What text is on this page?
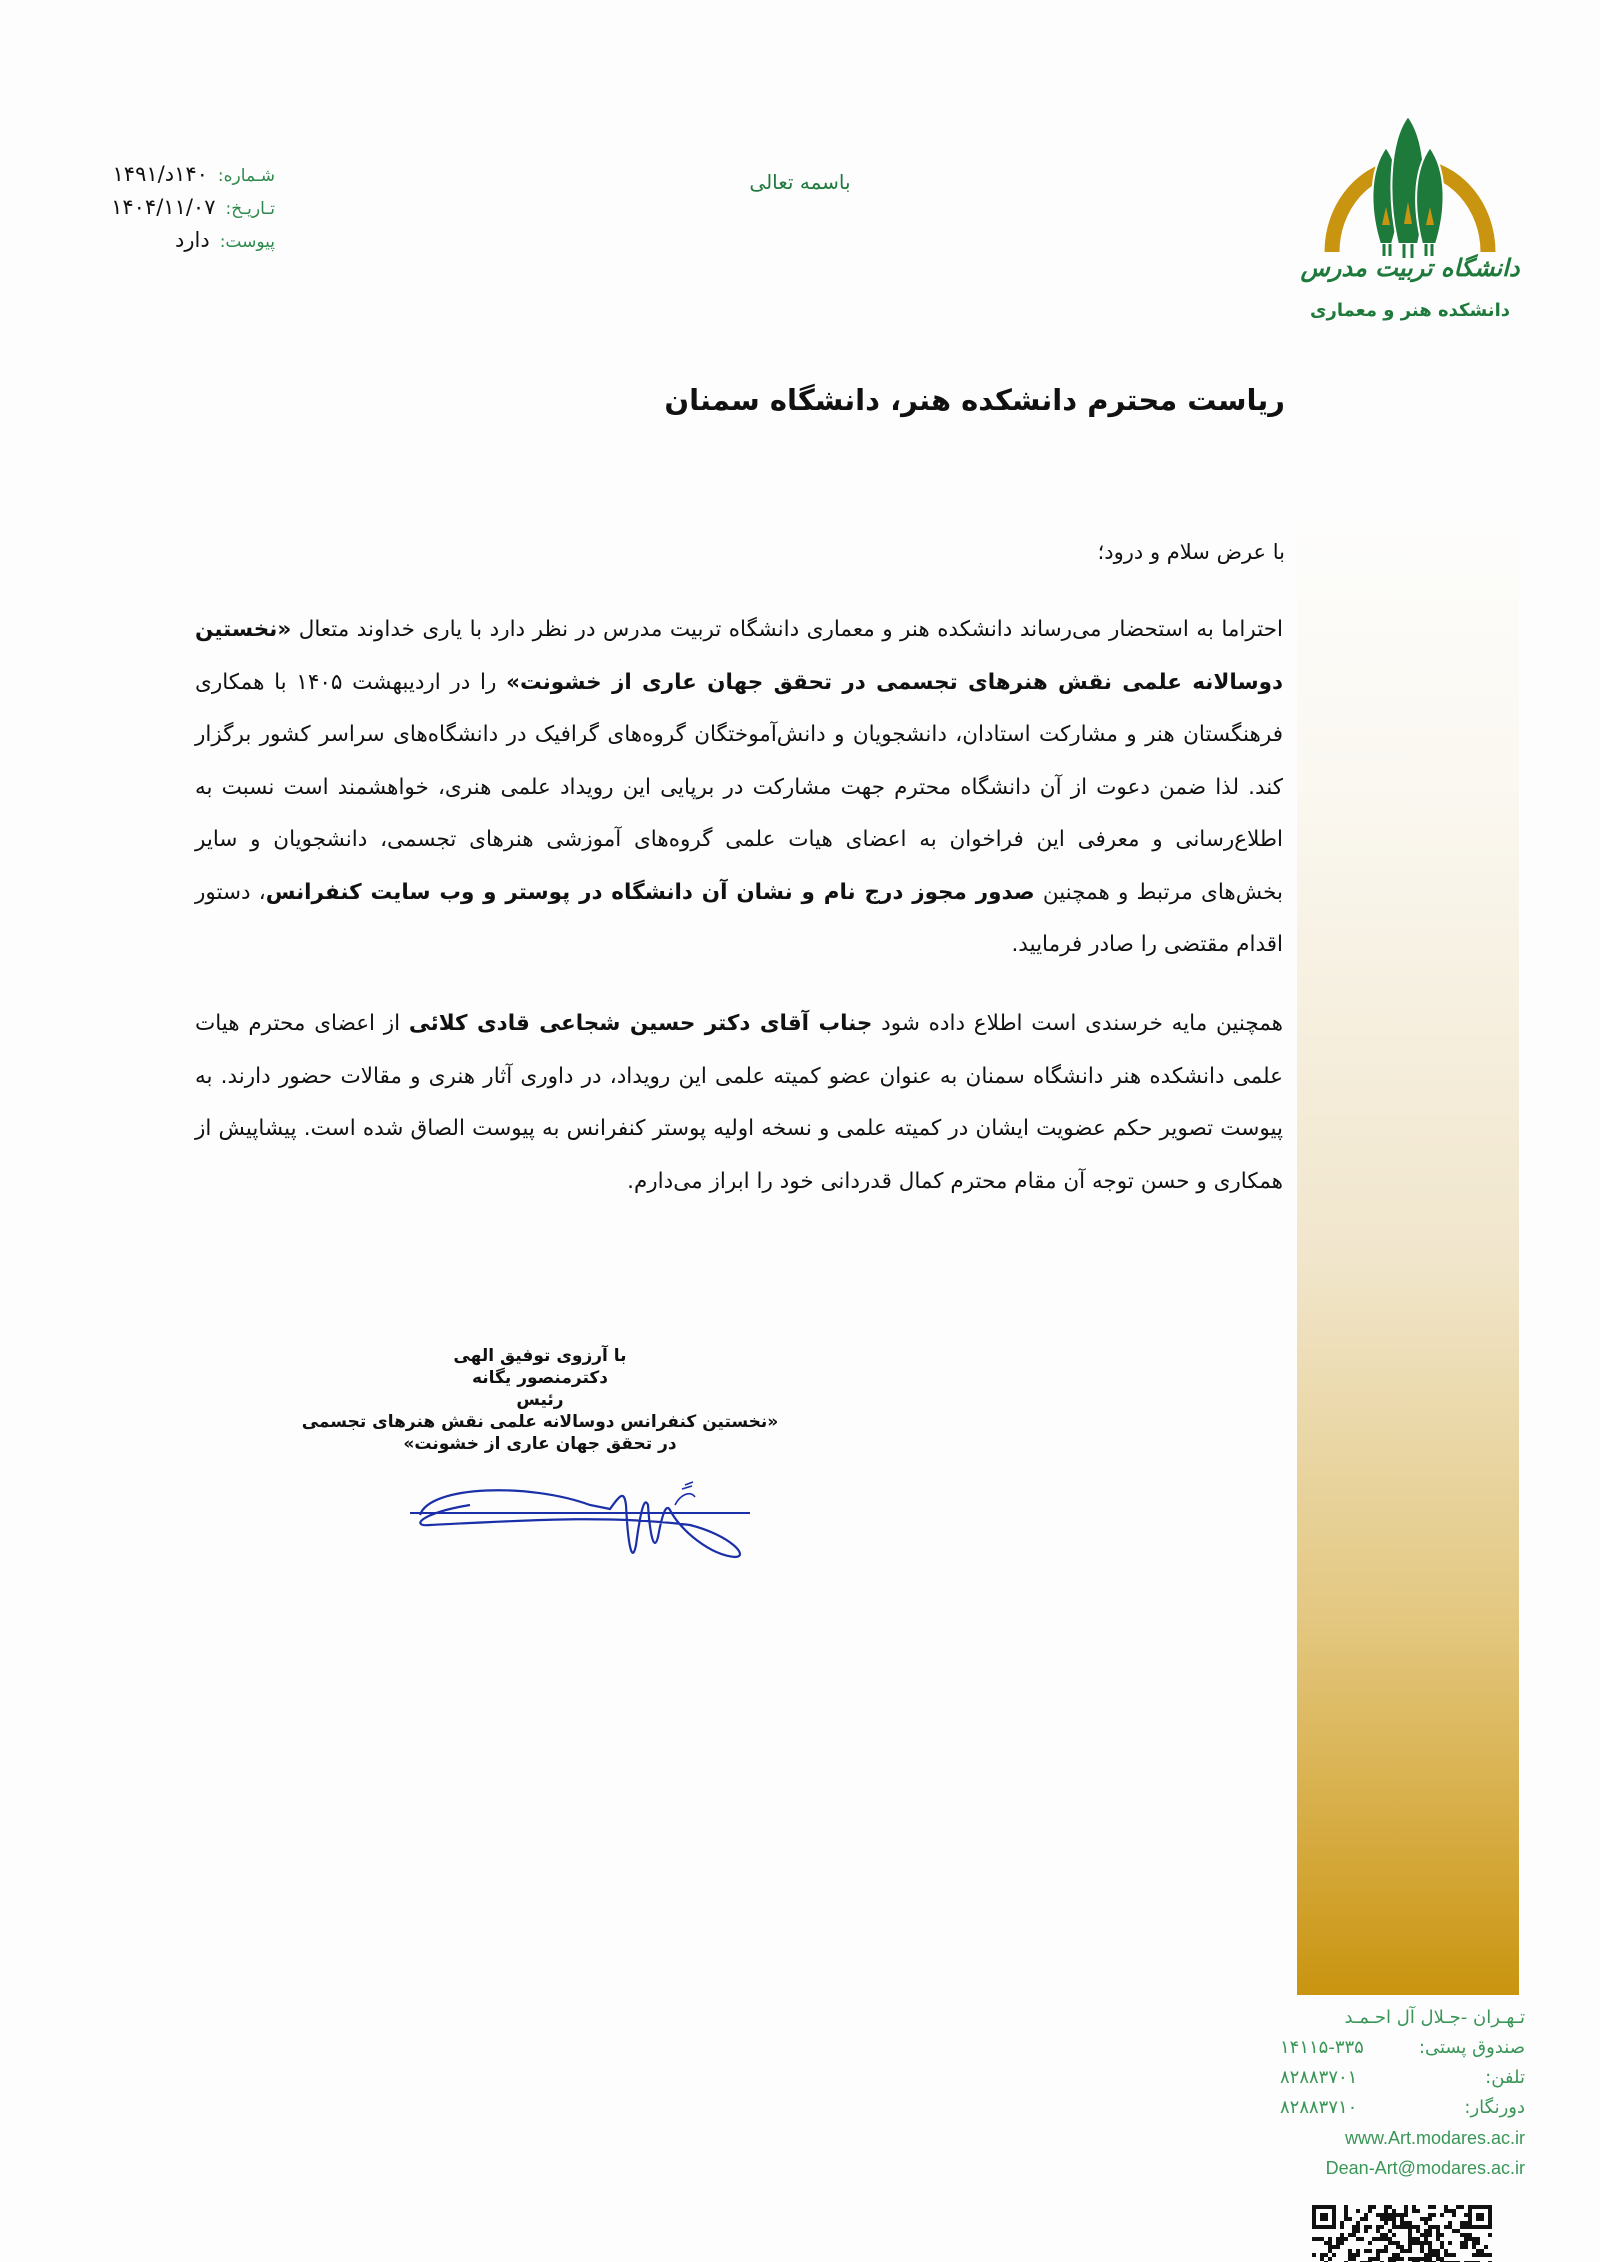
شـماره:
۱۴۰د/۱۴۹۱
تـاریـخ:
۱۴۰۴/۱۱/۰۷
پیوست:
دارد
باسمه تعالی
دانشگاه تربیت مدرس
دانشکده هنر و معماری
ریاست محترم دانشکده هنر، دانشگاه سمنان
با عرض سلام و درود؛
احتراما به استحضار می‌رساند دانشکده هنر و معماری دانشگاه تربیت مدرس در نظر دارد با یاری خداوند متعال «نخستین دوسالانه علمی نقش هنرهای تجسمی در تحقق جهان عاری از خشونت» را در اردیبهشت ۱۴۰۵ با همکاری فرهنگستان هنر و مشارکت استادان، دانشجویان و دانش‌آموختگان گروه‌های گرافیک در دانشگاه‌های سراسر کشور برگزار کند. لذا ضمن دعوت از آن دانشگاه محترم جهت مشارکت در برپایی این رویداد علمی هنری، خواهشمند است نسبت به اطلاع‌رسانی و معرفی این فراخوان به اعضای هیات علمی گروه‌های آموزشی هنرهای تجسمی، دانشجویان و سایر بخش‌های مرتبط و همچنین صدور مجوز درج نام و نشان آن دانشگاه در پوستر و وب سایت کنفرانس، دستور اقدام مقتضی را صادر فرمایید.
همچنین مایه خرسندی است اطلاع داده شود جناب آقای دکتر حسین شجاعی قادی کلائی از اعضای محترم هیات علمی دانشکده هنر دانشگاه سمنان به عنوان عضو کمیته علمی این رویداد، در داوری آثار هنری و مقالات حضور دارند. به پیوست تصویر حکم عضویت ایشان در کمیته علمی و نسخه اولیه پوستر کنفرانس به پیوست الصاق شده است. پیشاپیش از همکاری و حسن توجه آن مقام محترم کمال قدردانی خود را ابراز می‌دارم.
با آرزوی توفیق الهی
دکترمنصور یگانه
رئیس
«نخستین کنفرانس دوسالانه علمی نقش هنرهای تجسمی
در تحقق جهان عاری از خشونت»
تـهـران -جـلال آل احـمـد
صندوق پستی:
۱۴۱۱۵-۳۳۵
تلفن:
۸۲۸۸۳۷۰۱
دورنگار:
۸۲۸۸۳۷۱۰
www.Art.modares.ac.ir
Dean-Art@modares.ac.ir
